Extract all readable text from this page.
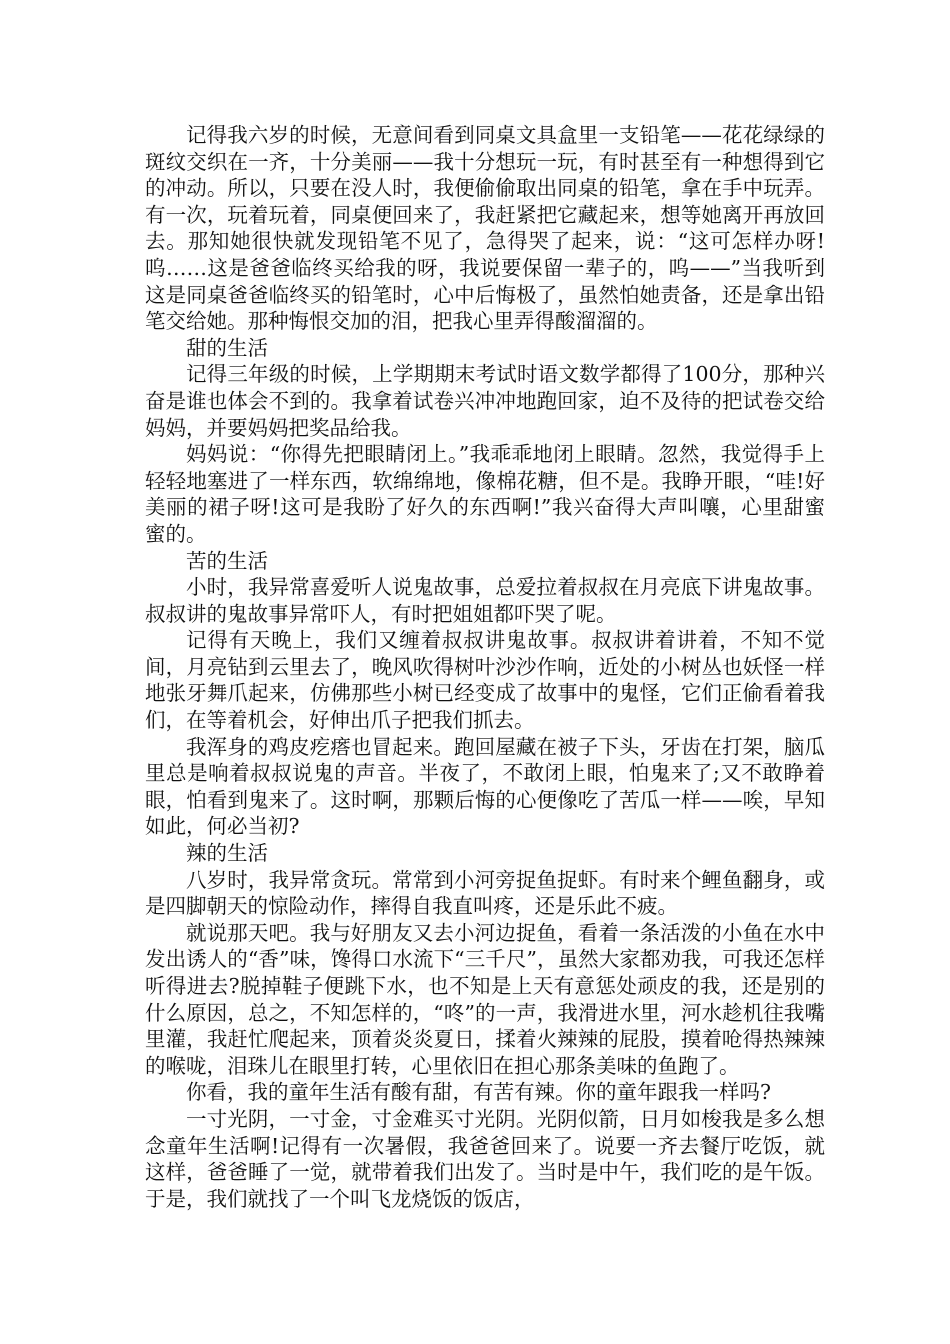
记得我六岁的时候，无意间看到同桌文具盒里一支铅笔——花花绿绿的斑纹交织在一齐，十分美丽——我十分想玩一玩，有时甚至有一种想得到它的冲动。所以，只要在没人时，我便偷偷取出同桌的铅笔，拿在手中玩弄。有一次，玩着玩着，同桌便回来了，我赶紧把它藏起来，想等她离开再放回去。那知她很快就发现铅笔不见了，急得哭了起来，说：“这可怎样办呀!呜……这是爸爸临终买给我的呀，我说要保留一辈子的，呜——”当我听到这是同桌爸爸临终买的铅笔时，心中后悔极了，虽然怕她责备，还是拿出铅笔交给她。那种悔恨交加的泪，把我心里弄得酸溜溜的。

甜的生活

记得三年级的时候，上学期期末考试时语文数学都得了100分，那种兴奋是谁也体会不到的。我拿着试卷兴冲冲地跑回家，迫不及待的把试卷交给妈妈，并要妈妈把奖品给我。

妈妈说：“你得先把眼睛闭上。”我乖乖地闭上眼睛。忽然，我觉得手上轻轻地塞进了一样东西，软绵绵地，像棉花糖，但不是。我睁开眼，“哇!好美丽的裙子呀!这可是我盼了好久的东西啊!”我兴奋得大声叫嚷，心里甜蜜蜜的。

苦的生活

小时，我异常喜爱听人说鬼故事，总爱拉着叔叔在月亮底下讲鬼故事。叔叔讲的鬼故事异常吓人，有时把姐姐都吓哭了呢。

记得有天晚上，我们又缠着叔叔讲鬼故事。叔叔讲着讲着，不知不觉间，月亮钻到云里去了，晚风吹得树叶沙沙作响，近处的小树丛也妖怪一样地张牙舞爪起来，仿佛那些小树已经变成了故事中的鬼怪，它们正偷看着我们，在等着机会，好伸出爪子把我们抓去。

我浑身的鸡皮疙瘩也冒起来。跑回屋藏在被子下头，牙齿在打架，脑瓜里总是响着叔叔说鬼的声音。半夜了，不敢闭上眼，怕鬼来了;又不敢睁着眼，怕看到鬼来了。这时啊，那颗后悔的心便像吃了苦瓜一样——唉，早知如此，何必当初?

辣的生活

八岁时，我异常贪玩。常常到小河旁捉鱼捉虾。有时来个鲤鱼翻身，或是四脚朝天的惊险动作，摔得自我直叫疼，还是乐此不疲。

就说那天吧。我与好朋友又去小河边捉鱼，看着一条活泼的小鱼在水中发出诱人的“香”味，馋得口水流下“三千尺”，虽然大家都劝我，可我还怎样听得进去?脱掉鞋子便跳下水，也不知是上天有意惩处顽皮的我，还是别的什么原因，总之，不知怎样的，“咚”的一声，我滑进水里，河水趁机往我嘴里灌，我赶忙爬起来，顶着炎炎夏日，揉着火辣辣的屁股，摸着呛得热辣辣的喉咙，泪珠儿在眼里打转，心里依旧在担心那条美味的鱼跑了。

你看，我的童年生活有酸有甜，有苦有辣。你的童年跟我一样吗?

一寸光阴，一寸金，寸金难买寸光阴。光阴似箭，日月如梭我是多么想念童年生活啊!记得有一次暑假，我爸爸回来了。说要一齐去餐厅吃饭，就这样，爸爸睡了一觉，就带着我们出发了。当时是中午，我们吃的是午饭。于是，我们就找了一个叫飞龙烧饭的饭店，
